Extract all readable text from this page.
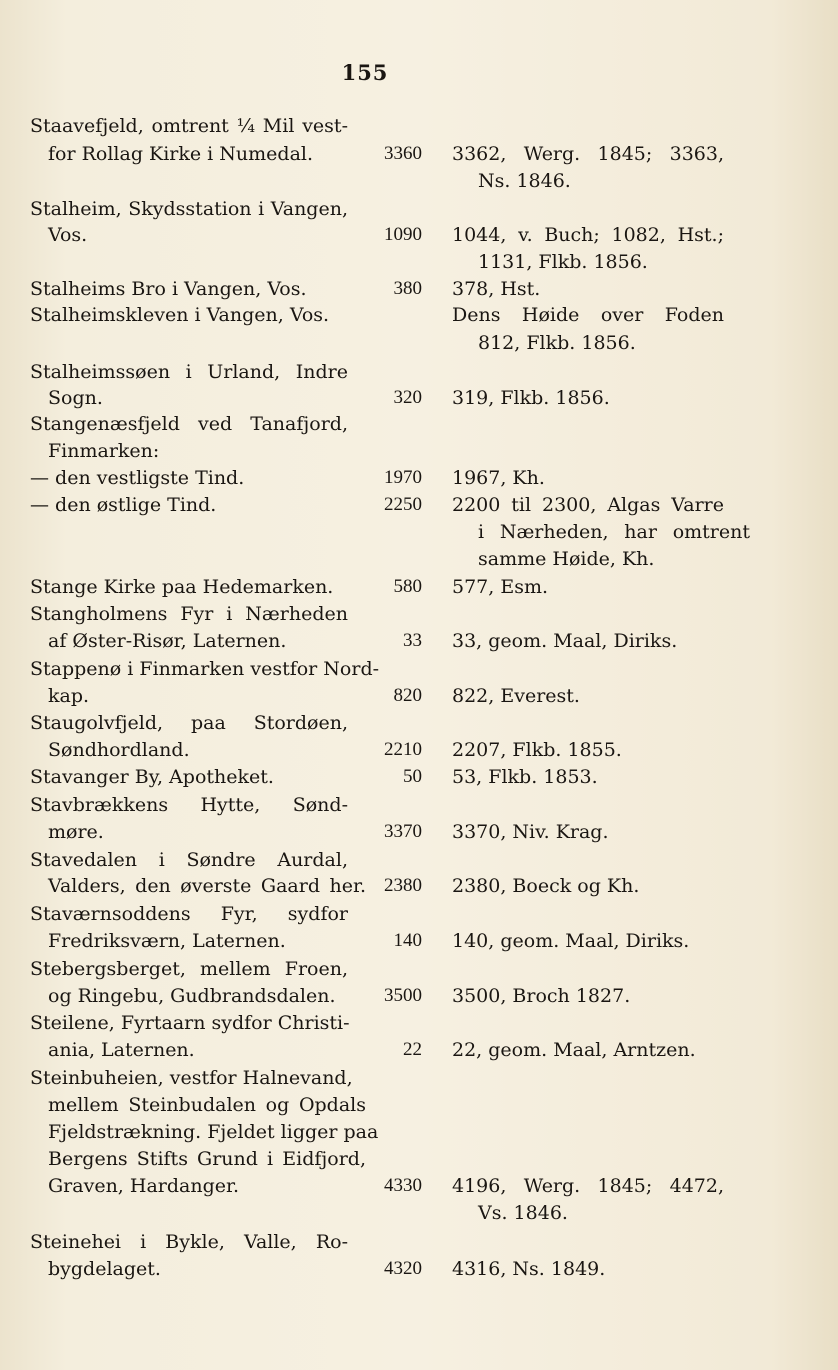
155
Staavefjeld, omtrent ¼ Mil vest-
for Rollag Kirke i Numedal.	3360 3362, Werg. 1845; 3363,
Ns. 1846.
Stalheim, Skydsstation i Vangen,
Vos.	1090 1044, v. Buch; 1082, Hst.;
1131, Flkb. 1856.
Stalheims Bro i Vangen, Vos.	380 378, Hst.
Stalheimskleven i Vangen, Vos.	Dens Høide over Foden
812, Flkb. 1856.
Stalheimssøen i Urland, Indre
Sogn.	320 319, Flkb. 1856.
Stangenæsfjeld ved Tanafjord,
Finmarken:
— den vestligste Tind.	1970 1967, Kh.
— den østlige Tind.	2250 2200 til 2300, Algas Varre
i Nærheden, har omtrent
samme Høide, Kh.
Stange Kirke paa Hedemarken.	580 577, Esm.
Stangholmens Fyr i Nærheden
af Øster-Risør, Laternen.	33 33, geom. Maal, Diriks.
Stappenø i Finmarken vestfor Nord-
kap.	820 822, Everest.
Staugolvfjeld, paa Stordøen,
Søndhordland.	2210 2207, Flkb. 1855.
Stavanger By, Apotheket.	50 53, Flkb. 1853.
Stavbrækkens Hytte, Sønd-
møre.	3370 3370, Niv. Krag.
Stavedalen i Søndre Aurdal,
Valders, den øverste Gaard her. 2380 2380, Boeck og Kh.
Staværnsoddens Fyr, sydfor
Fredriksværn, Laternen.	140 140, geom. Maal, Diriks.
Stebergsberget, mellem Froen,
og Ringebu, Gudbrandsdalen.	3500 3500, Broch 1827.
Steilene, Fyrtaarn sydfor Christi-
ania, Laternen.	22 22, geom. Maal, Arntzen.
Steinbuheien, vestfor Halnevand,
mellem Steinbudalen og Opdals
Fjeldstrækning. Fjeldet ligger paa
Bergens Stifts Grund i Eidfjord,
Graven, Hardanger.	4330 4196, Werg. 1845; 4472,
Vs. 1846.
Steinehei i Bykle, Valle, Ro-
bygdelaget.	4320 4316, Ns. 1849.
